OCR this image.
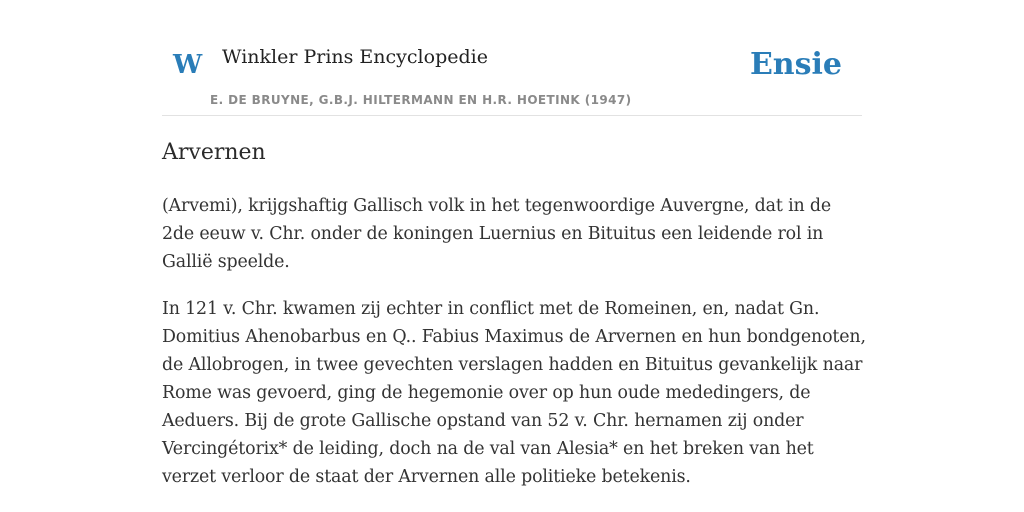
W Winkler Prins Encyclopedie
E. DE BRUYNE, G.B.J. HILTERMANN EN H.R. HOETINK (1947)
Ensie
Arvernen

(Arvemi), krijgshaftig Gallisch volk in het tegenwoordige Auvergne, dat in de 2de eeuw v. Chr. onder de koningen Luernius en Bituitus een leidende rol in Gallië speelde.

In 121 v. Chr. kwamen zij echter in conflict met de Romeinen, en, nadat Gn. Domitius Ahenobarbus en Q.. Fabius Maximus de Arvernen en hun bondgenoten, de Allobrogen, in twee gevechten verslagen hadden en Bituitus gevankelijk naar Rome was gevoerd, ging de hegemonie over op hun oude mededingers, de Aeduers. Bij de grote Gallische opstand van 52 v. Chr. hernamen zij onder Vercingétorix* de leiding, doch na de val van Alesia* en het breken van het verzet verloor de staat der Arvernen alle politieke betekenis.
